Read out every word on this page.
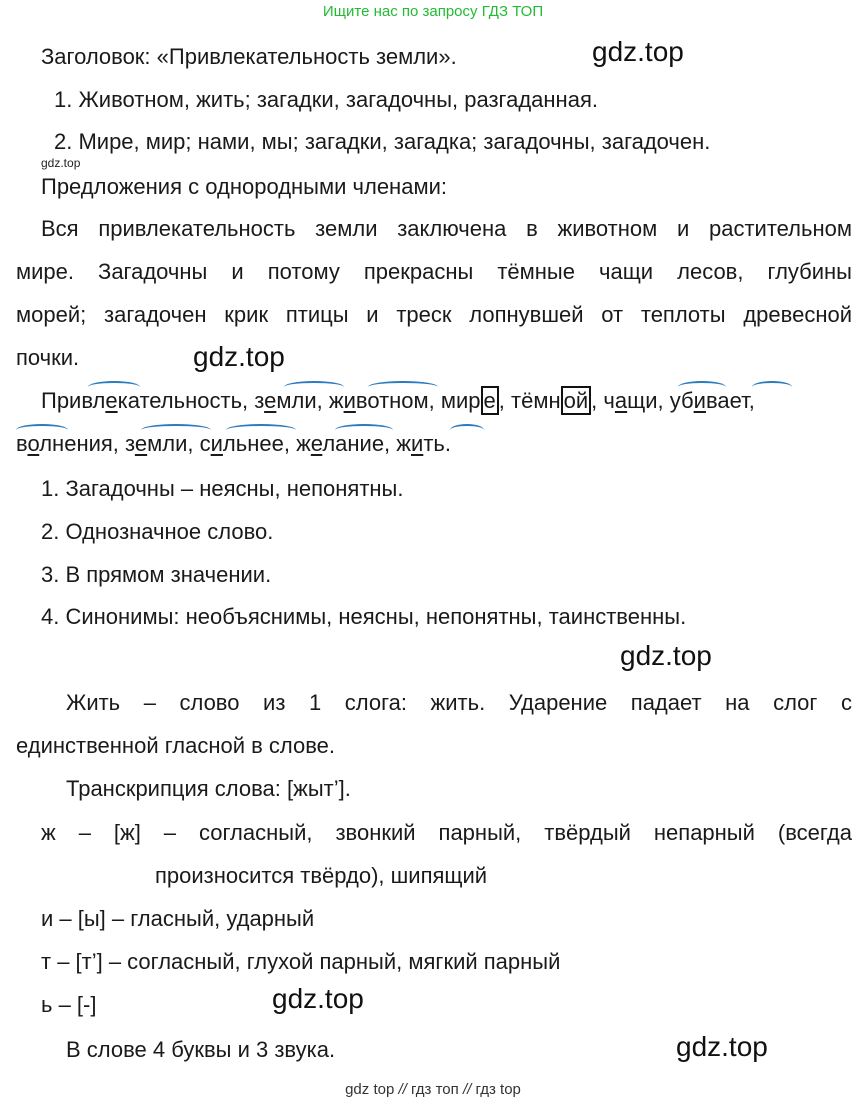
Ищите нас по запросу ГДЗ ТОП
Заголовок: «Привлекательность земли».	gdz.top
1. Животном, жить; загадки, загадочны, разгаданная.
2. Мире, мир; нами, мы; загадки, загадка; загадочны, загадочен.
gdz.top
Предложения с однородными членами:
Вся привлекательность земли заключена в животном и растительном
мире. Загадочны и потому прекрасны тёмные чащи лесов, глубины
морей; загадочен крик птицы и треск лопнувшей от теплоты древесной
почки.	gdz.top
Привлекательность, земли, животном, мир е , тёмн ой , чащи, убивает,
волнения, земли, сильнее, желание, жить.
1. Загадочны – неясны, непонятны.
2. Однозначное слово.
3. В прямом значении.
4. Синонимы: необъяснимы, неясны, непонятны, таинственны.
gdz.top
Жить – слово из 1 слога: жить. Ударение падает на слог с
единственной гласной в слове.
Транскрипция слова: [жыт’].
ж – [ж] – согласный, звонкий парный, твёрдый непарный (всегда
произносится твёрдо), шипящий
и – [ы] – гласный, ударный
т – [т’] – согласный, глухой парный, мягкий парный
ь – [-]	gdz.top
В слове 4 буквы и 3 звука.	gdz.top
gdz top // гдз топ // гдз top
